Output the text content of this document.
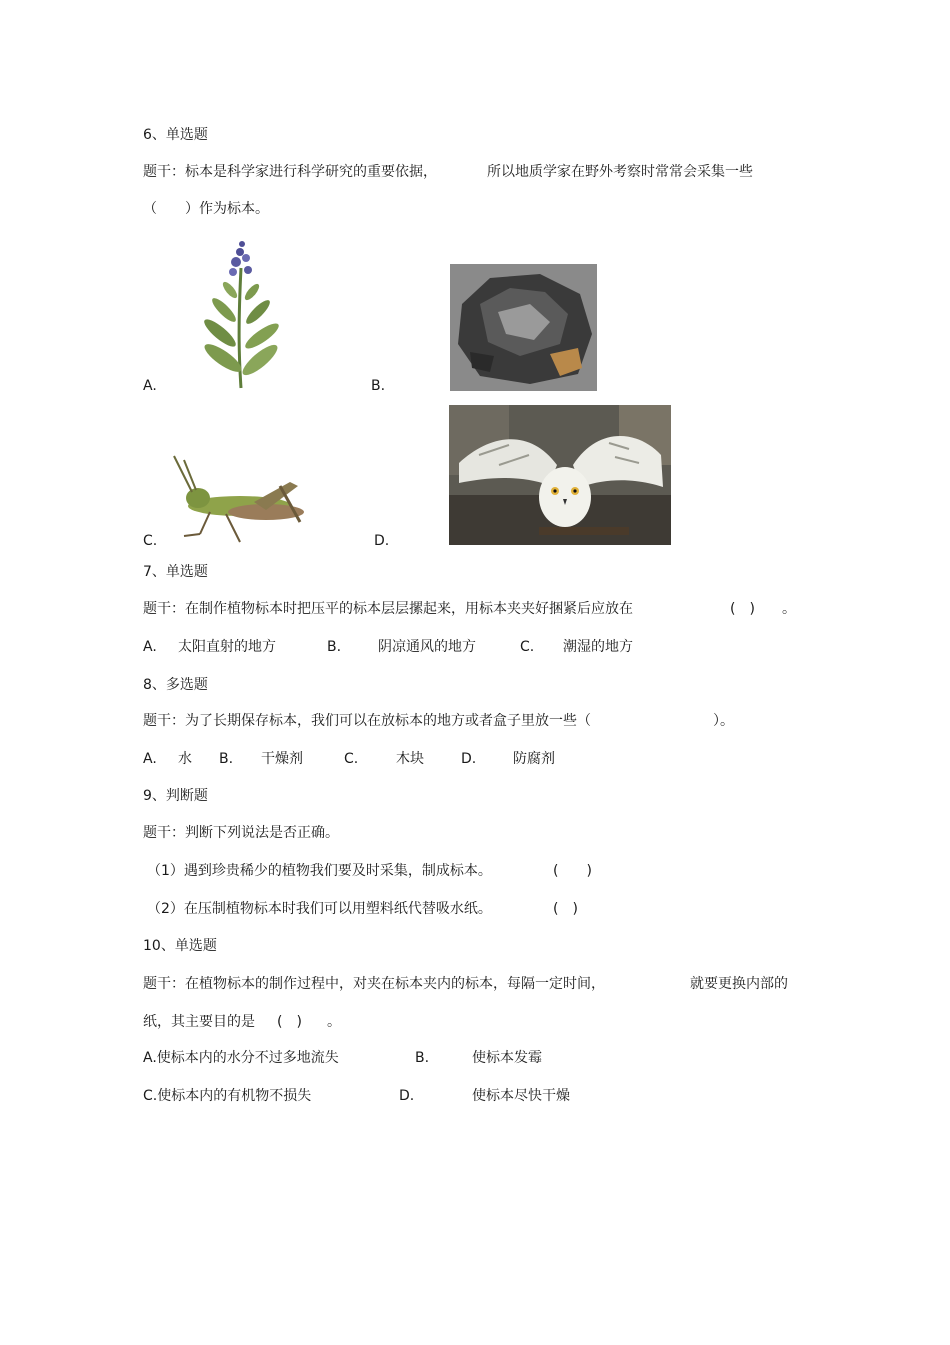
6、单选题
题干：标本是科学家进行科学研究的重要依据，	所以地质学家在野外考察时常常会采集一些
（　　）作为标本。
A.	B.
C.	D.
7、单选题
题干：在制作植物标本时把压平的标本层层摞起来，用标本夹夹好捆紧后应放在	(　) 。
A. 太阳直射的地方	B.	阴凉通风的地方	C. 潮湿的地方
8、多选题
题干：为了长期保存标本，我们可以在放标本的地方或者盒子里放一些（	）。
A. 水 B. 干燥剂	C.	木块	D.	防腐剂
9、判断题
题干：判断下列说法是否正确。
（1）遇到珍贵稀少的植物我们要及时采集，制成标本。	(　　)
（2）在压制植物标本时我们可以用塑料纸代替吸水纸。	(　)
10、单选题
题干：在植物标本的制作过程中，对夹在标本夹内的标本，每隔一定时间，	就要更换内部的
纸，其主要目的是 (　) 。
A.使标本内的水分不过多地流失	B.	使标本发霉
C.使标本内的有机物不损失	D.	使标本尽快干燥
